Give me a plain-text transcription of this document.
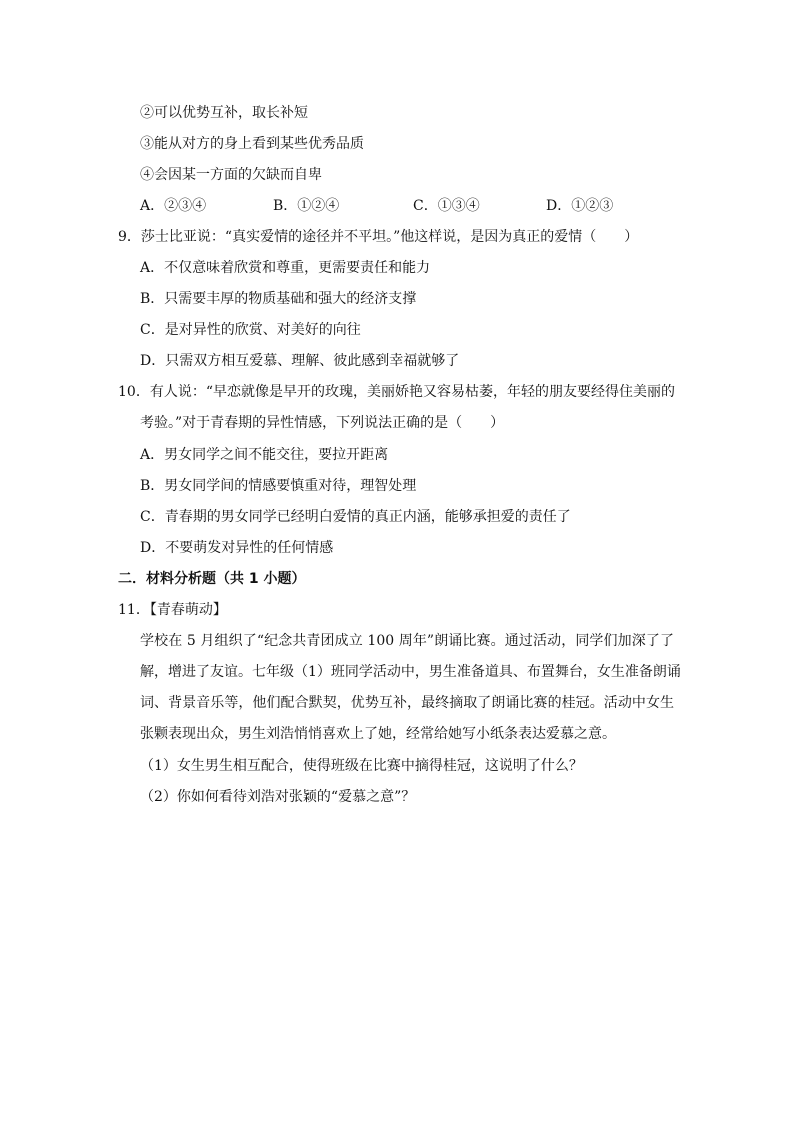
②可以优势互补，取长补短
③能从对方的身上看到某些优秀品质
④会因某一方面的欠缺而自卑
A．②③④	B．①②④	C．①③④	D．①②③
9．莎士比亚说：“真实爱情的途径并不平坦。”他这样说，是因为真正的爱情（　　）
A．不仅意味着欣赏和尊重，更需要责任和能力
B．只需要丰厚的物质基础和强大的经济支撑
C．是对异性的欣赏、对美好的向往
D．只需双方相互爱慕、理解、彼此感到幸福就够了
10．有人说：“早恋就像是早开的玫瑰，美丽娇艳又容易枯萎，年轻的朋友要经得住美丽的
考验。”对于青春期的异性情感，下列说法正确的是（　　）
A．男女同学之间不能交往，要拉开距离
B．男女同学间的情感要慎重对待，理智处理
C．青春期的男女同学已经明白爱情的真正内涵，能够承担爱的责任了
D．不要萌发对异性的任何情感
二．材料分析题（共 1 小题）
11．【青春萌动】
学校在 5 月组织了“纪念共青团成立 100 周年”朗诵比赛。通过活动，同学们加深了了
解，增进了友谊。七年级（1）班同学活动中，男生准备道具、布置舞台，女生准备朗诵
词、背景音乐等，他们配合默契，优势互补，最终摘取了朗诵比赛的桂冠。活动中女生
张颗表现出众，男生刘浩悄悄喜欢上了她，经常给她写小纸条表达爱慕之意。
（1）女生男生相互配合，使得班级在比赛中摘得桂冠，这说明了什么？
（2）你如何看待刘浩对张颖的“爱慕之意”？
